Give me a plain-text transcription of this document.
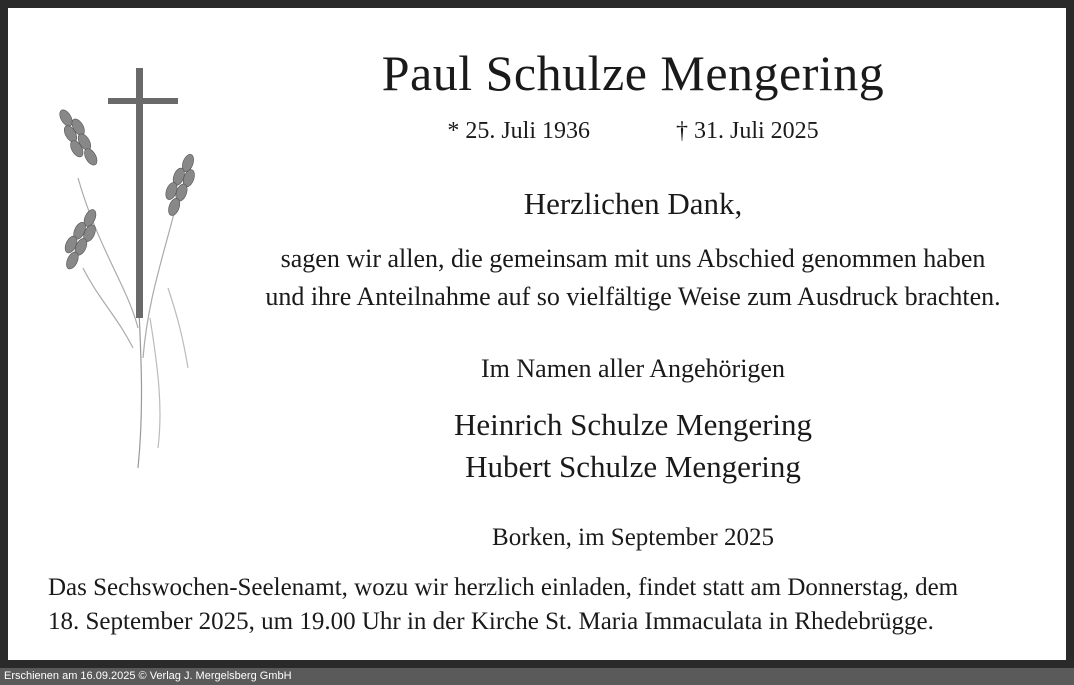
Paul Schulze Mengering
* 25. Juli 1936	† 31. Juli 2025
Herzlichen Dank,
sagen wir allen, die gemeinsam mit uns Abschied genommen haben
und ihre Anteilnahme auf so vielfältige Weise zum Ausdruck brachten.
Im Namen aller Angehörigen
Heinrich Schulze Mengering
Hubert Schulze Mengering
Borken, im September 2025
Das Sechswochen-Seelenamt, wozu wir herzlich einladen, findet statt am Donnerstag, dem
18. September 2025, um 19.00 Uhr in der Kirche St. Maria Immaculata in Rhedebrügge.
Erschienen am 16.09.2025 © Verlag J. Mergelsberg GmbH
